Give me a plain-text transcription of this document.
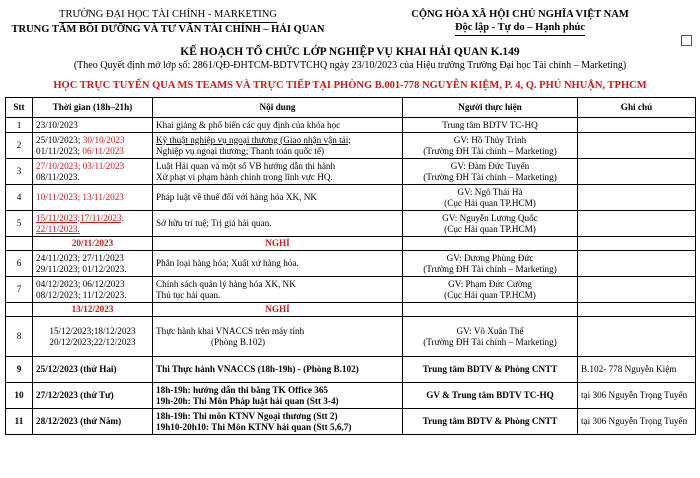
TRƯỜNG ĐẠI HỌC TÀI CHÍNH - MARKETING
TRUNG TÂM BỒI DƯỠNG VÀ TƯ VẤN TÀI CHÍNH – HẢI QUAN
CỘNG HÒA XÃ HỘI CHỦ NGHĨA VIỆT NAM
Độc lập - Tự do – Hạnh phúc
KẾ HOẠCH TỔ CHỨC LỚP NGHIỆP VỤ KHAI HẢI QUAN K.149
(Theo Quyết định mở lớp số: 2861/QĐ-ĐHTCM-BDTVTCHQ ngày 23/10/2023 của Hiệu trưởng Trường Đại học Tài chính – Marketing)
HỌC TRỰC TUYẾN QUA MS TEAMS VÀ TRỰC TIẾP TẠI PHÒNG B.001-778 NGUYỄN KIỆM, P. 4, Q. PHÚ NHUẬN, TPHCM
Stt	Thời gian (18h–21h)	Nội dung	Người thực hiện	Ghi chú
1	23/10/2023	Khai giảng & phổ biến các quy định của khóa học	Trung tâm BDTV TC-HQ	
2	25/10/2023; 30/10/2023
01/11/2023; 06/11/2023	Kỹ thuật nghiệp vụ ngoại thương (Giao nhận vận tải;
Nghiệp vụ ngoại thương; Thanh toán quốc tế)	GV: Hồ Thủy Trinh
(Trường ĐH Tài chính – Marketing)	

3	27/10/2023; 03/11/2023
08/11/2023.	Luật Hải quan và một số VB hướng dẫn thi hành
Xử phạt vi phạm hành chính trong lĩnh vực HQ.	GV: Đàm Đức Tuyển
(Trường ĐH Tài chính – Marketing)	

4	10/11/2023; 13/11/2023	Pháp luật về thuế đối với hàng hóa XK, NK	GV: Ngô Thái Hà
(Cục Hải quan TP.HCM)	

5	15/11/2023;17/11/2023;
22/11/2023.	Sở hữu trí tuệ; Trị giá hải quan.	GV: Nguyễn Lương Quốc
(Cục Hải quan TP.HCM)	

	20/11/2023	NGHỈ		
6	24/11/2023; 27/11/2023
29/11/2023; 01/12/2023.	Phân loại hàng hóa; Xuất xứ hàng hóa.	GV: Dương Phùng Đức
(Trường ĐH Tài chính – Marketing)	

7	04/12/2023; 06/12/2023
08/12/2023; 11/12/2023.	Chính sách quản lý hàng hóa XK, NK
Thủ tục hải quan.	GV: Phạm Đức Cường
(Cục Hải quan TP.HCM)	

	13/12/2023	NGHỈ		
8	15/12/2023;18/12/2023
20/12/2023;22/12/2023	Thực hành khai VNACCS trên máy tính
(Phòng B.102)	GV: Võ Xuân Thế
(Trường ĐH Tài chính – Marketing)	

9	25/12/2023 (thứ Hai)	Thi Thực hành VNACCS (18h-19h) - (Phòng B.102)	Trung tâm BDTV & Phòng CNTT	B.102- 778 Nguyễn Kiệm
10	27/12/2023 (thứ Tư)	18h-19h: hướng dẫn thi bằng TK Office 365
19h-20h: Thi Môn Pháp luật hải quan (Stt 3-4)	GV & Trung tâm BDTV TC-HQ	tại 306 Nguyễn Trọng Tuyển
11	28/12/2023 (thứ Năm)	18h-19h: Thi môn KTNV Ngoại thương (Stt 2)
19h10-20h10: Thi Môn KTNV hải quan (Stt 5,6,7)	Trung tâm BDTV & Phòng CNTT	tại 306 Nguyễn Trọng Tuyển
